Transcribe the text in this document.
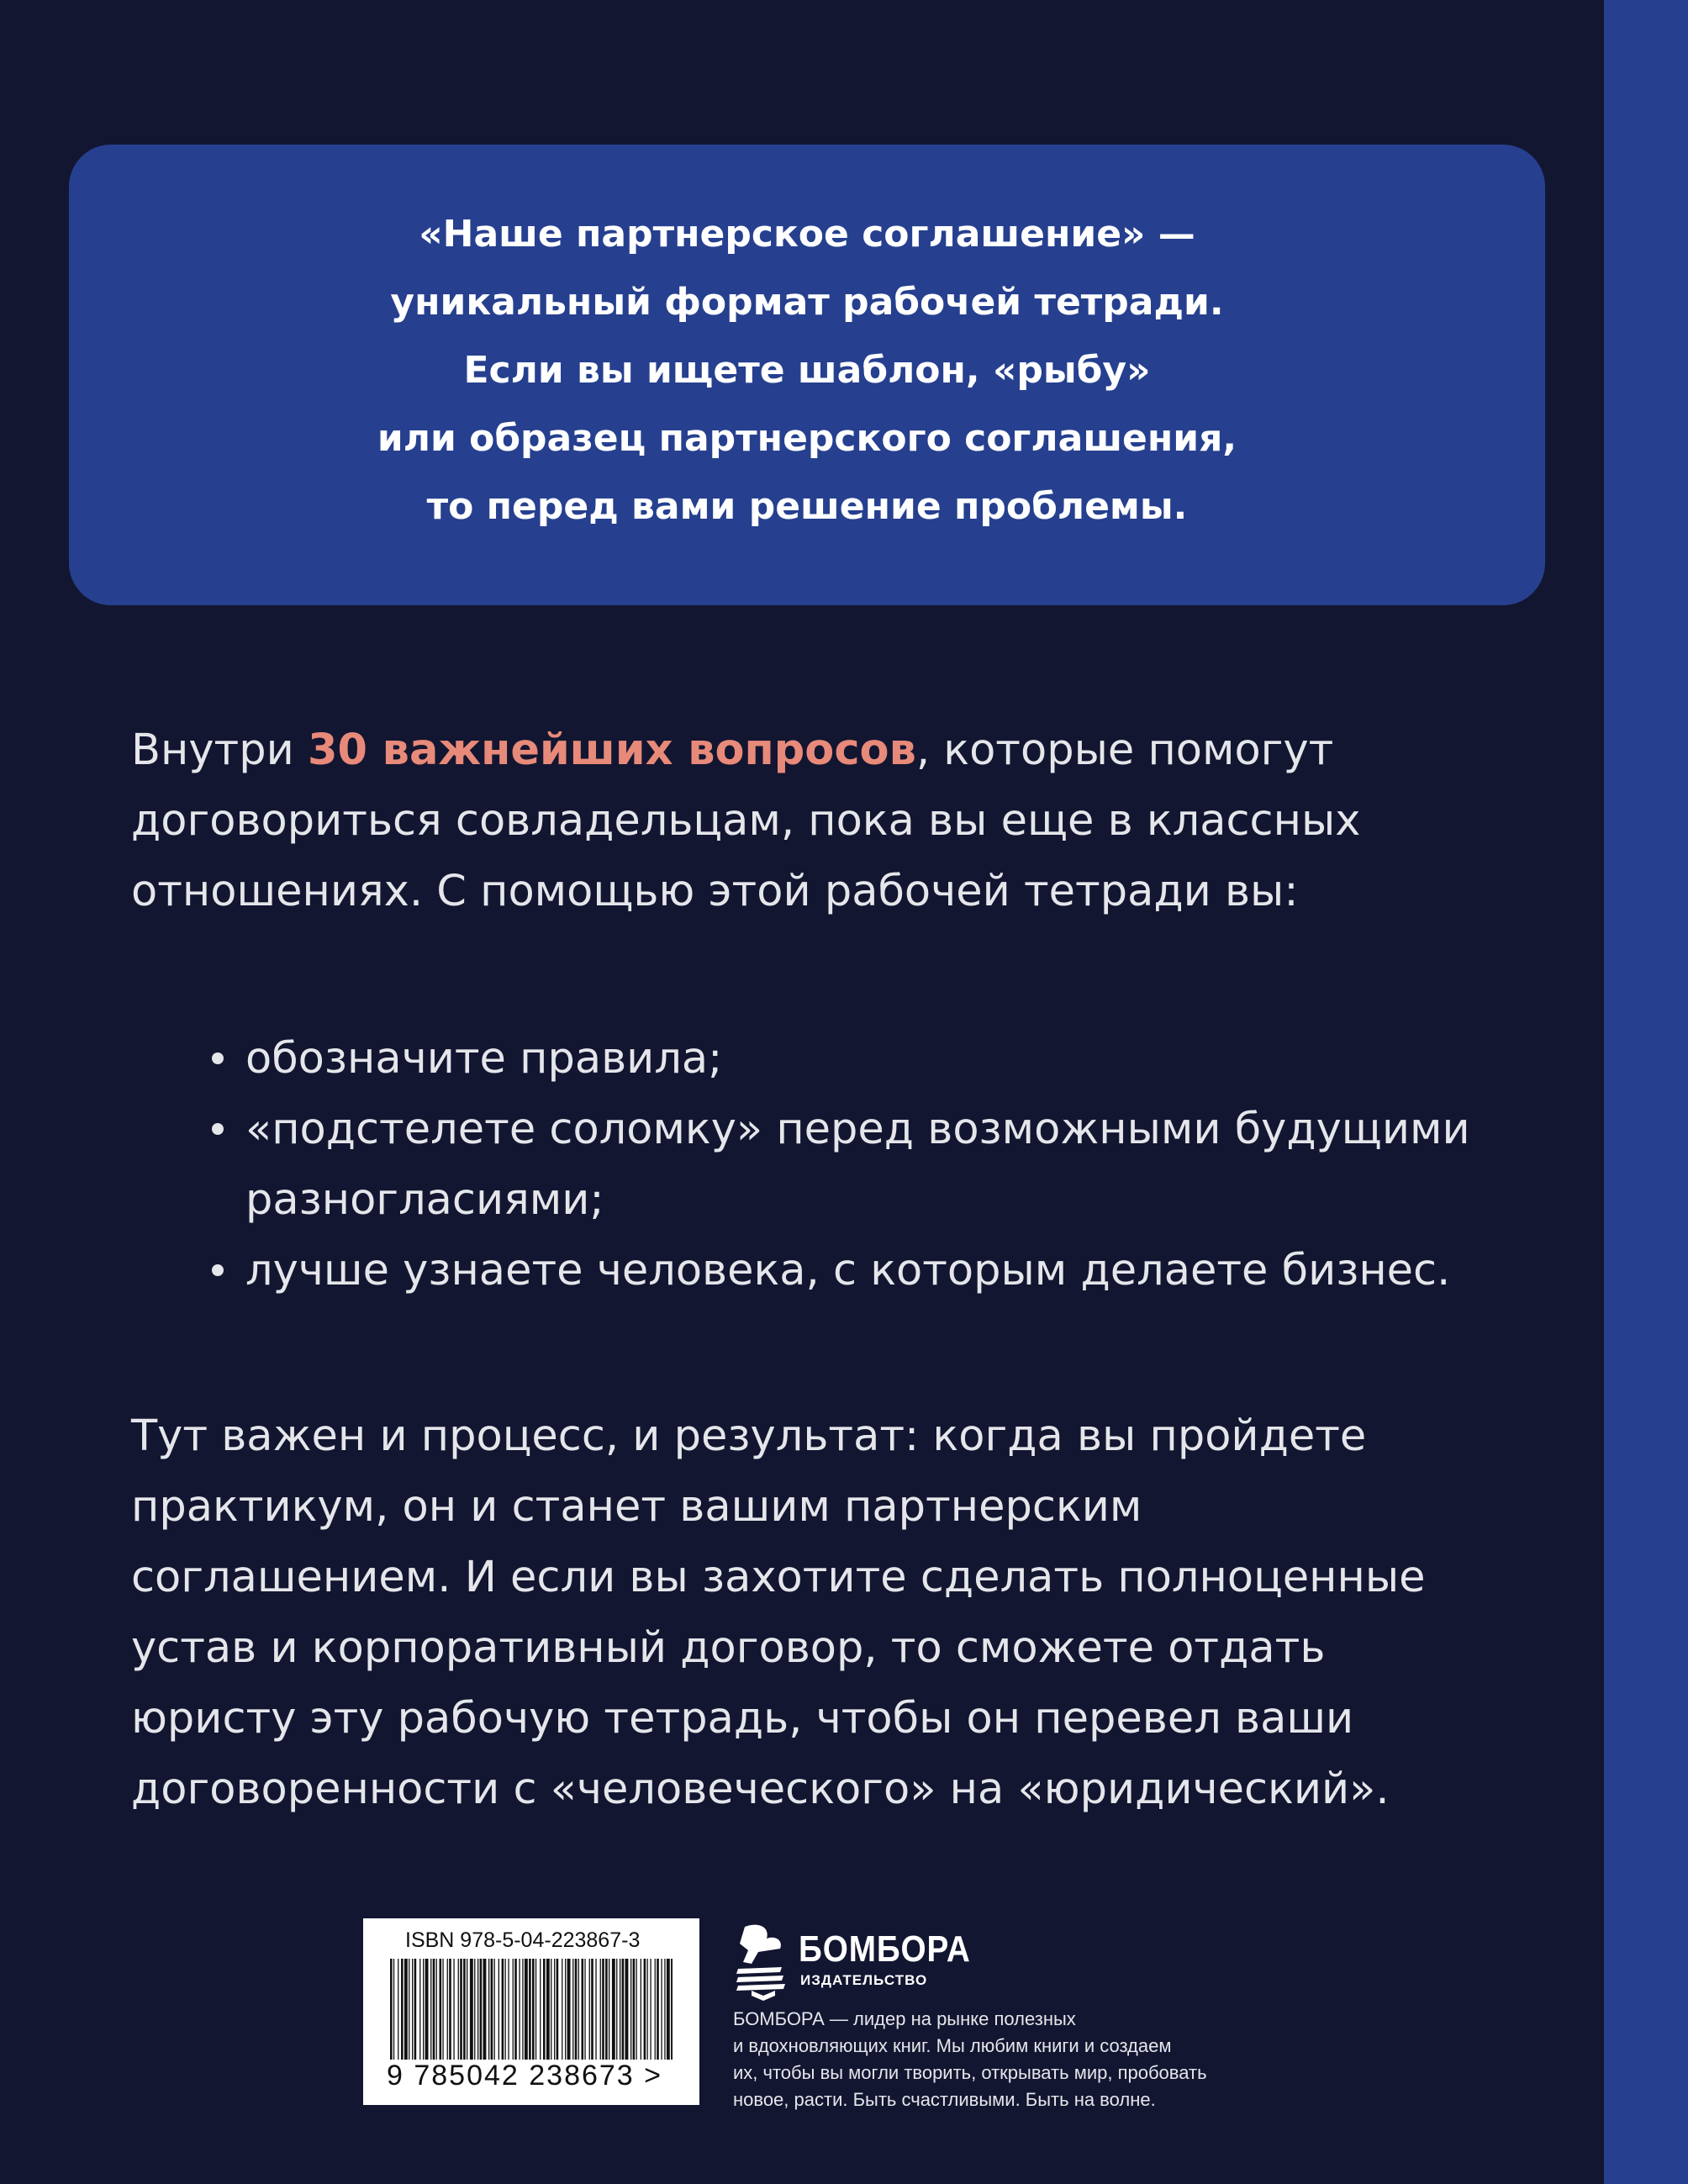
«Наше партнерское соглашение» —
уникальный формат рабочей тетради.
Если вы ищете шаблон, «рыбу»
или образец партнерского соглашения,
то перед вами решение проблемы.
Внутри 30 важнейших вопросов, которые помогут
договориться совладельцам, пока вы еще в классных
отношениях. С помощью этой рабочей тетради вы:
обозначите правила;
«подстелете соломку» перед возможными будущими
разногласиями;
лучше узнаете человека, с которым делаете бизнес.
Тут важен и процесс, и результат: когда вы пройдете
практикум, он и станет вашим партнерским
соглашением. И если вы захотите сделать полноценные
устав и корпоративный договор, то сможете отдать
юристу эту рабочую тетрадь, чтобы он перевел ваши
договоренности с «человеческого» на «юридический».
ISBN 978-5-04-223867-3
9 785042 238673 >
БОМБОРА
ИЗДАТЕЛЬСТВО
БОМБОРА — лидер на рынке полезных
и вдохновляющих книг. Мы любим книги и создаем
их, чтобы вы могли творить, открывать мир, пробовать
новое, расти. Быть счастливыми. Быть на волне.
